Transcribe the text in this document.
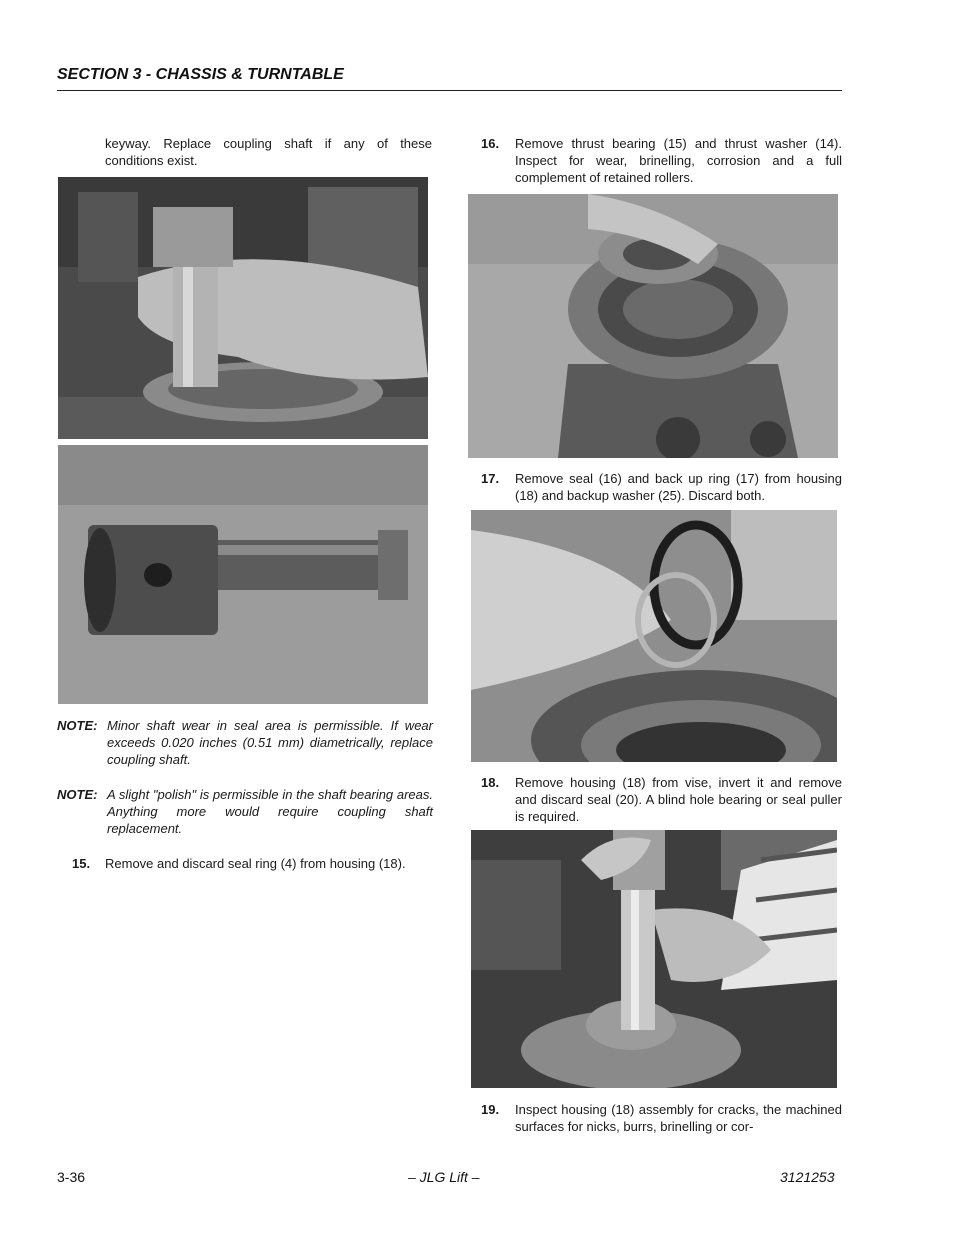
SECTION 3 - CHASSIS & TURNTABLE
keyway. Replace coupling shaft if any of these conditions exist.
NOTE: Minor shaft wear in seal area is permissible. If wear exceeds 0.020 inches (0.51 mm) diametrically, replace coupling shaft.
NOTE: A slight "polish" is permissible in the shaft bearing areas. Anything more would require coupling shaft replacement.
15. Remove and discard seal ring (4) from housing (18).
16. Remove thrust bearing (15) and thrust washer (14). Inspect for wear, brinelling, corrosion and a full complement of retained rollers.
17. Remove seal (16) and back up ring (17) from housing (18) and backup washer (25). Discard both.
18. Remove housing (18) from vise, invert it and remove and discard seal (20). A blind hole bearing or seal puller is required.
19. Inspect housing (18) assembly for cracks, the machined surfaces for nicks, burrs, brinelling or cor-
3-36	– JLG Lift –	3121253
